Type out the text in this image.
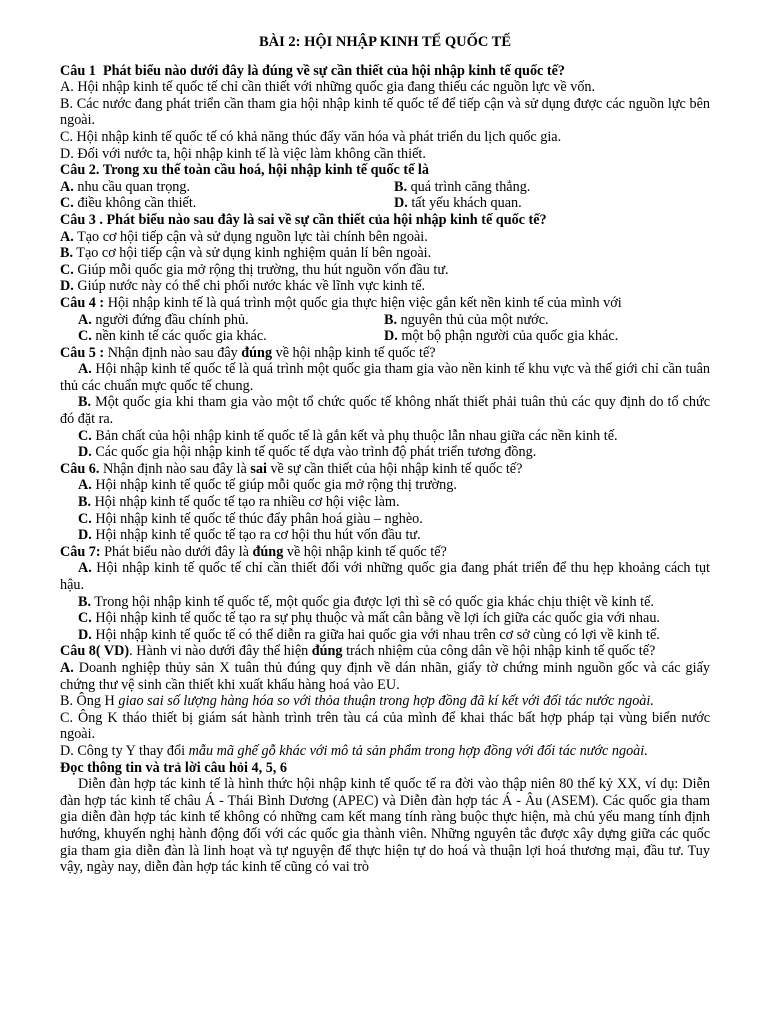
BÀI 2: HỘI NHẬP KINH TẾ QUỐC TẾ

Câu 1 Phát biểu nào dưới đây là đúng về sự cần thiết của hội nhập kinh tế quốc tế?

A. Hội nhập kinh tế quốc tế chỉ cần thiết với những quốc gia đang thiếu các nguồn lực về vốn.

B. Các nước đang phát triển cần tham gia hội nhập kinh tế quốc tế để tiếp cận và sử dụng được các nguồn lực bên ngoài.

C. Hội nhập kinh tế quốc tế có khả năng thúc đẩy văn hóa và phát triển du lịch quốc gia.

D. Đối với nước ta, hội nhập kinh tế là việc làm không cần thiết.

Câu 2. Trong xu thế toàn cầu hoá, hội nhập kinh tế quốc tế là

A. nhu cầu quan trọng.	B. quá trình căng thẳng.
C. điều không cần thiết.	D. tất yếu khách quan.

Câu 3 . Phát biểu nào sau đây là sai về sự cần thiết của hội nhập kinh tế quốc tế?

A. Tạo cơ hội tiếp cận và sử dụng nguồn lực tài chính bên ngoài.

B. Tạo cơ hội tiếp cận và sử dụng kinh nghiệm quản lí bên ngoài.

C. Giúp mỗi quốc gia mở rộng thị trường, thu hút nguồn vốn đầu tư.

D. Giúp nước này có thể chi phối nước khác về lĩnh vực kinh tế.

Câu 4 : Hội nhập kinh tế là quá trình một quốc gia thực hiện việc gắn kết nền kinh tế của mình với

A. người đứng đầu chính phủ.	B. nguyên thủ của một nước.
C. nền kinh tế các quốc gia khác.	D. một bộ phận người của quốc gia khác.

Câu 5 : Nhận định nào sau đây đúng về hội nhập kinh tế quốc tế?

A. Hội nhập kinh tế quốc tế là quá trình một quốc gia tham gia vào nền kinh tế khu vực và thế giới chỉ cần tuân thủ các chuẩn mực quốc tế chung.

B. Một quốc gia khi tham gia vào một tổ chức quốc tế không nhất thiết phải tuân thủ các quy định do tổ chức đó đặt ra.

C. Bản chất của hội nhập kinh tế quốc tế là gắn kết và phụ thuộc lẫn nhau giữa các nền kinh tế.

D. Các quốc gia hội nhập kinh tế quốc tế dựa vào trình độ phát triển tương đồng.

Câu 6. Nhận định nào sau đây là sai về sự cần thiết của hội nhập kinh tế quốc tế?

A. Hội nhập kinh tế quốc tế giúp mỗi quốc gia mở rộng thị trường.

B. Hội nhập kinh tế quốc tế tạo ra nhiều cơ hội việc làm.

C. Hội nhập kinh tế quốc tế thúc đẩy phân hoá giàu – nghèo.

D. Hội nhập kinh tế quốc tế tạo ra cơ hội thu hút vốn đầu tư.

Câu 7: Phát biểu nào dưới đây là đúng về hội nhập kinh tế quốc tế?

A. Hội nhập kinh tế quốc tế chỉ cần thiết đối với những quốc gia đang phát triển để thu hẹp khoảng cách tụt hậu.

B. Trong hội nhập kinh tế quốc tế, một quốc gia được lợi thì sẽ có quốc gia khác chịu thiệt về kinh tế.

C. Hội nhập kinh tế quốc tế tạo ra sự phụ thuộc và mất cân bằng về lợi ích giữa các quốc gia với nhau.

D. Hội nhập kinh tế quốc tế có thể diễn ra giữa hai quốc gia với nhau trên cơ sở cùng có lợi về kinh tế.

Câu 8( VD). Hành vi nào dưới đây thể hiện đúng trách nhiệm của công dân về hội nhập kinh tế quốc tế?

A. Doanh nghiệp thủy sản X tuân thủ đúng quy định về dán nhãn, giấy tờ chứng minh nguồn gốc và các giấy chứng thư vệ sinh cần thiết khi xuất khẩu hàng hoá vào EU.

B. Ông H giao sai số lượng hàng hóa so với thỏa thuận trong hợp đồng đã kí kết với đối tác nước ngoài.

C. Ông K tháo thiết bị giám sát hành trình trên tàu cá của mình để khai thác bất hợp pháp tại vùng biển nước ngoài.

D. Công ty Y thay đổi mẫu mã ghế gỗ khác với mô tả sản phẩm trong hợp đồng với đối tác nước ngoài.

Đọc thông tin và trả lời câu hỏi 4, 5, 6

Diễn đàn hợp tác kinh tế là hình thức hội nhập kinh tế quốc tế ra đời vào thập niên 80 thế kỷ XX, ví dụ: Diễn đàn hợp tác kinh tế châu Á - Thái Bình Dương (APEC) và Diễn đàn hợp tác Á - Âu (ASEM). Các quốc gia tham gia diễn đàn hợp tác kinh tế không có những cam kết mang tính ràng buộc thực hiện, mà chủ yếu mang tính định hướng, khuyến nghị hành động đối với các quốc gia thành viên. Những nguyên tắc được xây dựng giữa các quốc gia tham gia diễn đàn là linh hoạt và tự nguyện để thực hiện tự do hoá và thuận lợi hoá thương mại, đầu tư. Tuy vậy, ngày nay, diễn đàn hợp tác kinh tế cũng có vai trò
